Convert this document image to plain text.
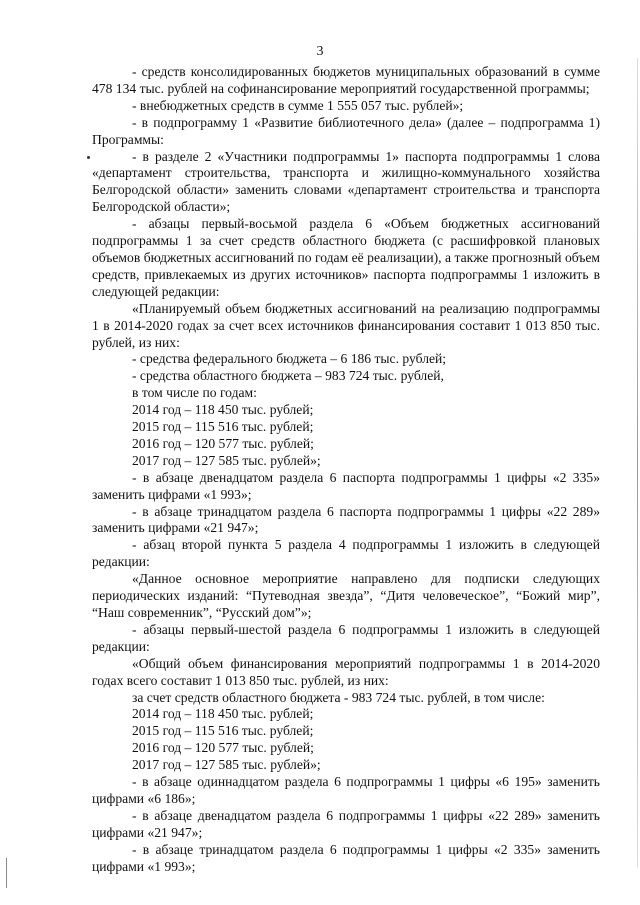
3

- средств консолидированных бюджетов муниципальных образований в сумме 478 134 тыс. рублей на софинансирование мероприятий государственной программы;

- внебюджетных средств в сумме 1 555 057 тыс. рублей»;

- в подпрограмму 1 «Развитие библиотечного дела» (далее – подпрограмма 1) Программы:

- в разделе 2 «Участники подпрограммы 1» паспорта подпрограммы 1 слова «департамент строительства, транспорта и жилищно-коммунального хозяйства Белгородской области» заменить словами «департамент строительства и транспорта Белгородской области»;

- абзацы первый-восьмой раздела 6 «Объем бюджетных ассигнований подпрограммы 1 за счет средств областного бюджета (с расшифровкой плановых объемов бюджетных ассигнований по годам её реализации), а также прогнозный объем средств, привлекаемых из других источников» паспорта подпрограммы 1 изложить в следующей редакции:

«Планируемый объем бюджетных ассигнований на реализацию подпрограммы 1 в 2014-2020 годах за счет всех источников финансирования составит 1 013 850 тыс. рублей, из них:

- средства федерального бюджета – 6 186 тыс. рублей;

- средства областного бюджета – 983 724 тыс. рублей,

в том числе по годам:

2014 год – 118 450 тыс. рублей;

2015 год – 115 516 тыс. рублей;

2016 год – 120 577 тыс. рублей;

2017 год – 127 585 тыс. рублей»;

- в абзаце двенадцатом раздела 6 паспорта подпрограммы 1 цифры «2 335» заменить цифрами «1 993»;

- в абзаце тринадцатом раздела 6 паспорта подпрограммы 1 цифры «22 289» заменить цифрами «21 947»;

- абзац второй пункта 5 раздела 4 подпрограммы 1 изложить в следующей редакции:

«Данное основное мероприятие направлено для подписки следующих периодических изданий: “Путеводная звезда”, “Дитя человеческое”, “Божий мир”, “Наш современник”, “Русский дом”»;

- абзацы первый-шестой раздела 6 подпрограммы 1 изложить в следующей редакции:

«Общий объем финансирования мероприятий подпрограммы 1 в 2014-2020 годах всего составит 1 013 850 тыс. рублей, из них:

за счет средств областного бюджета - 983 724 тыс. рублей, в том числе:

2014 год – 118 450 тыс. рублей;

2015 год – 115 516 тыс. рублей;

2016 год – 120 577 тыс. рублей;

2017 год – 127 585 тыс. рублей»;

- в абзаце одиннадцатом раздела 6 подпрограммы 1 цифры «6 195» заменить цифрами «6 186»;

- в абзаце двенадцатом раздела 6 подпрограммы 1 цифры «22 289» заменить цифрами «21 947»;

- в абзаце тринадцатом раздела 6 подпрограммы 1 цифры «2 335» заменить цифрами «1 993»;
